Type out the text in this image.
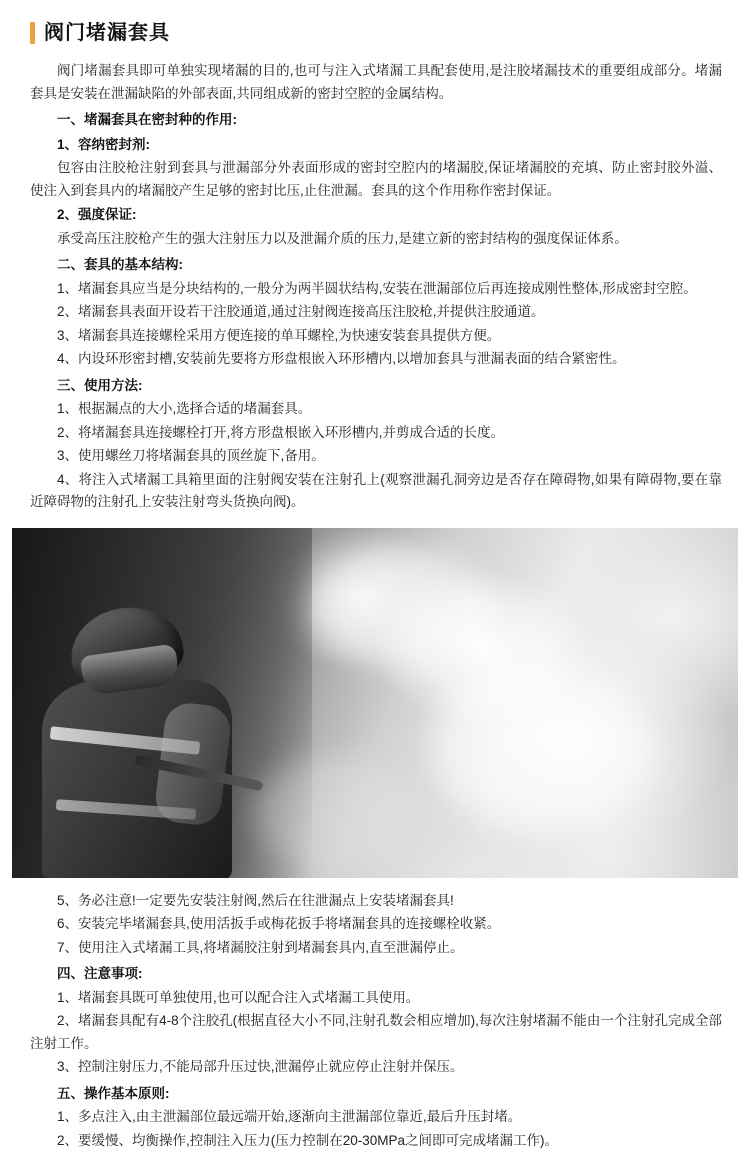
阀门堵漏套具

阀门堵漏套具即可单独实现堵漏的目的,也可与注入式堵漏工具配套使用,是注胶堵漏技术的重要组成部分。堵漏套具是安装在泄漏缺陷的外部表面,共同组成新的密封空腔的金属结构。

一、堵漏套具在密封种的作用:

1、容纳密封剂:

包容由注胶枪注射到套具与泄漏部分外表面形成的密封空腔内的堵漏胶,保证堵漏胶的充填、防止密封胶外溢、使注入到套具内的堵漏胶产生足够的密封比压,止住泄漏。套具的这个作用称作密封保证。

2、强度保证:

承受高压注胶枪产生的强大注射压力以及泄漏介质的压力,是建立新的密封结构的强度保证体系。

二、套具的基本结构:

1、堵漏套具应当是分块结构的,一般分为两半圆状结构,安装在泄漏部位后再连接成刚性整体,形成密封空腔。

2、堵漏套具表面开设若干注胶通道,通过注射阀连接高压注胶枪,并提供注胶通道。

3、堵漏套具连接螺栓采用方便连接的单耳螺栓,为快速安装套具提供方便。

4、内设环形密封槽,安装前先要将方形盘根嵌入环形槽内,以增加套具与泄漏表面的结合紧密性。

三、使用方法:

1、根据漏点的大小,选择合适的堵漏套具。

2、将堵漏套具连接螺栓打开,将方形盘根嵌入环形槽内,并剪成合适的长度。

3、使用螺丝刀将堵漏套具的顶丝旋下,备用。

4、将注入式堵漏工具箱里面的注射阀安装在注射孔上(观察泄漏孔洞旁边是否存在障碍物,如果有障碍物,要在靠近障碍物的注射孔上安装注射弯头货换向阀)。

5、务必注意!一定要先安装注射阀,然后在往泄漏点上安装堵漏套具!

6、安装完毕堵漏套具,使用活扳手或梅花扳手将堵漏套具的连接螺栓收紧。

7、使用注入式堵漏工具,将堵漏胶注射到堵漏套具内,直至泄漏停止。

四、注意事项:

1、堵漏套具既可单独使用,也可以配合注入式堵漏工具使用。

2、堵漏套具配有4-8个注胶孔(根据直径大小不同,注射孔数会相应增加),每次注射堵漏不能由一个注射孔完成全部注射工作。

3、控制注射压力,不能局部升压过快,泄漏停止就应停止注射并保压。

五、操作基本原则:

1、多点注入,由主泄漏部位最远端开始,逐渐向主泄漏部位靠近,最后升压封堵。

2、要缓慢、均衡操作,控制注入压力(压力控制在20-30MPa之间即可完成堵漏工作)。
